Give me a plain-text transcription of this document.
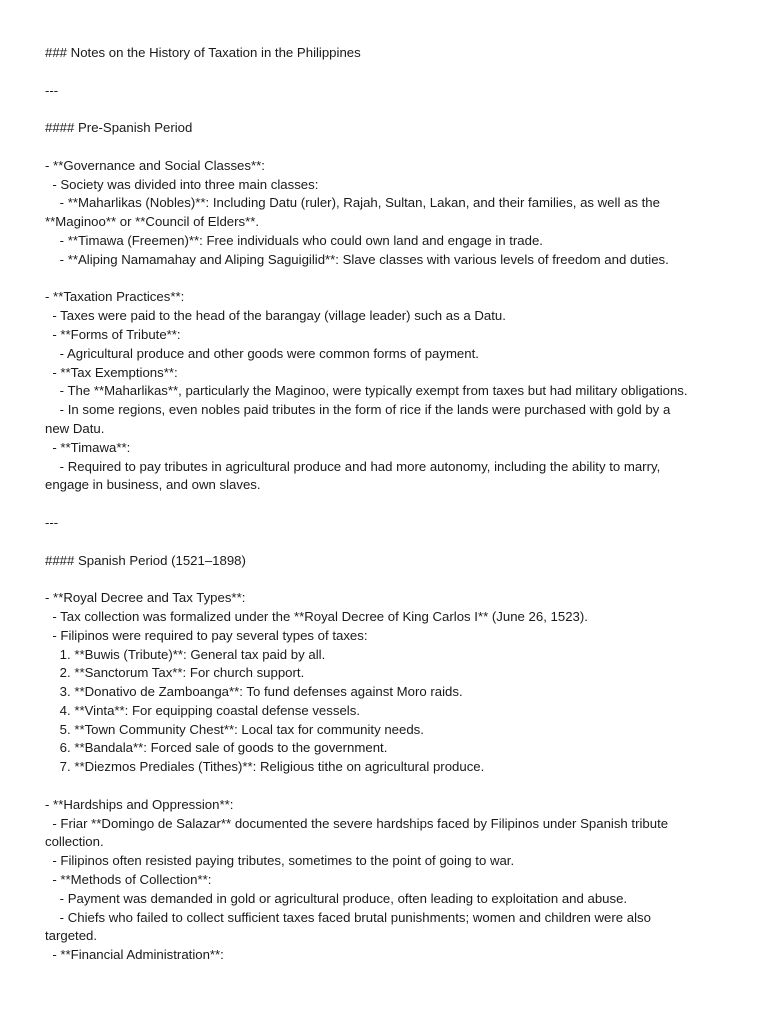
### Notes on the History of Taxation in the Philippines

---

#### Pre-Spanish Period

- **Governance and Social Classes**:

- Society was divided into three main classes:

- **Maharlikas (Nobles)**: Including Datu (ruler), Rajah, Sultan, Lakan, and their families, as well as the

**Maginoo** or **Council of Elders**.

- **Timawa (Freemen)**: Free individuals who could own land and engage in trade.

- **Aliping Namamahay and Aliping Saguigilid**: Slave classes with various levels of freedom and duties.

- **Taxation Practices**:

- Taxes were paid to the head of the barangay (village leader) such as a Datu.

- **Forms of Tribute**:

- Agricultural produce and other goods were common forms of payment.

- **Tax Exemptions**:

- The **Maharlikas**, particularly the Maginoo, were typically exempt from taxes but had military obligations.

- In some regions, even nobles paid tributes in the form of rice if the lands were purchased with gold by a

new Datu.

- **Timawa**:

- Required to pay tributes in agricultural produce and had more autonomy, including the ability to marry,

engage in business, and own slaves.

---

#### Spanish Period (1521–1898)

- **Royal Decree and Tax Types**:

- Tax collection was formalized under the **Royal Decree of King Carlos I** (June 26, 1523).

- Filipinos were required to pay several types of taxes:

1. **Buwis (Tribute)**: General tax paid by all.

2. **Sanctorum Tax**: For church support.

3. **Donativo de Zamboanga**: To fund defenses against Moro raids.

4. **Vinta**: For equipping coastal defense vessels.

5. **Town Community Chest**: Local tax for community needs.

6. **Bandala**: Forced sale of goods to the government.

7. **Diezmos Prediales (Tithes)**: Religious tithe on agricultural produce.

- **Hardships and Oppression**:

- Friar **Domingo de Salazar** documented the severe hardships faced by Filipinos under Spanish tribute

collection.

- Filipinos often resisted paying tributes, sometimes to the point of going to war.

- **Methods of Collection**:

- Payment was demanded in gold or agricultural produce, often leading to exploitation and abuse.

- Chiefs who failed to collect sufficient taxes faced brutal punishments; women and children were also

targeted.

- **Financial Administration**:
